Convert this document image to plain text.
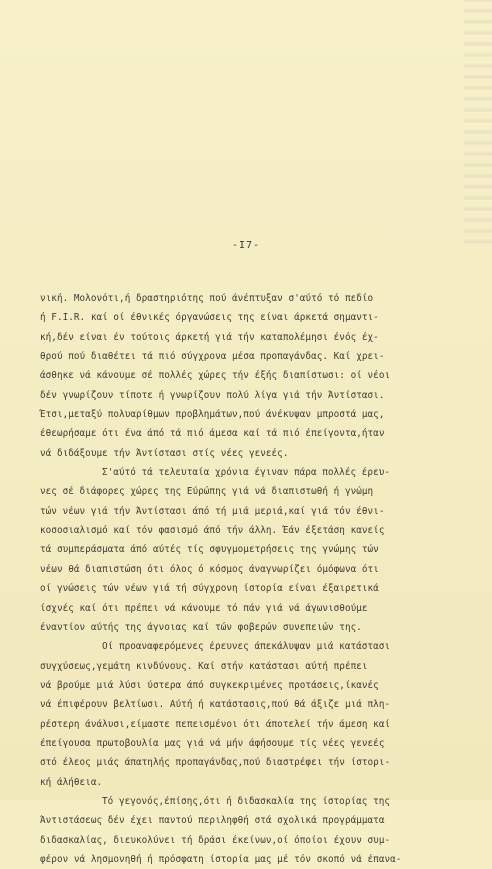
-I7-
νική. Μολονότι,ή δραστηριότης πού άνέπτυξαν σ'αύτό τό πεδίο
ή F.I.R. καί οί έθνικές όργανώσεις της είναι άρκετά σημαντι-
κή,δέν είναι έν τούτοις άρκετή γιά τήν καταπολέμησι ένός έχ-
θρού πού διαθέτει τά πιό σύγχρονα μέσα προπαγάνδας. Καί χρει-
άσθηκε νά κάνουμε σέ πολλές χώρες τήν έξής διαπίστωσι: οί νέοι
δέν γνωρίζουν τίποτε ή γνωρίζουν πολύ λίγα γιά τήν Άντίστασι.
Έτσι,μεταξύ πολυαρίθμων προβλημάτων,πού άνέκυψαν μπροστά μας,
έθεωρήσαμε ότι ένα άπό τά πιό άμεσα καί τά πιό έπείγοντα,ήταν
νά διδάξουμε τήν Άντίστασι στίς νέες γενεές.
Σ'αύτό τά τελευταία χρόνια έγιναν πάρα πολλές έρευ-
νες σέ διάφορες χώρες της Εύρώπης γιά νά διαπιστωθή ή γνώμη
τών νέων γιά τήν Άντίστασι άπό τή μιά μεριά,καί γιά τόν έθνι-
κοσοσιαλισμό καί τόν φασισμό άπό τήν άλλη. Έάν έξετάση κανείς
τά συμπεράσματα άπό αύτές τίς σφυγμομετρήσεις της γνώμης τών
νέων θά διαπιστώση ότι όλος ό κόσμος άναγνωρίζει όμόφωνα ότι
οί γνώσεις τών νέων γιά τή σύγχρονη ίστορία είναι έξαιρετικά
ίσχνές καί ότι πρέπει νά κάνουμε τό πάν γιά νά άγωνισθούμε
έναντίον αύτής της άγνοιας καί τών φοβερών συνεπειών της.
Οί προαναφερόμενες έρευνες άπεκάλυψαν μιά κατάστασι
συγχύσεως,γεμάτη κινδύνους. Καί στήν κατάστασι αύτή πρέπει
νά βρούμε μιά λύσι ύστερα άπό συγκεκριμένες προτάσεις,ίκανές
νά έπιφέρουν βελτίωσι. Αύτή ή κατάστασις,πού θά άξιζε μιά πλη-
ρέστερη άνάλυσι,είμαστε πεπεισμένοι ότι άποτελεί τήν άμεση καί
έπείγουσα πρωτοβουλία μας γιά νά μήν άφήσουμε τίς νέες γενεές
στό έλεος μιάς άπατηλής προπαγάνδας,πού διαστρέφει τήν ίστορι-
κή άλήθεια.
Τό γεγονός,έπίσης,ότι ή διδασκαλία της ίστορίας της
Άντιστάσεως δέν έχει παντού περιληφθή στά σχολικά προγράμματα
διδασκαλίας, διευκολύνει τή δράσι έκείνων,οί όποίοι έχουν συμ-
φέρον νά λησμονηθή ή πρόσφατη ίστορία μας μέ τόν σκοπό νά έπανα-
